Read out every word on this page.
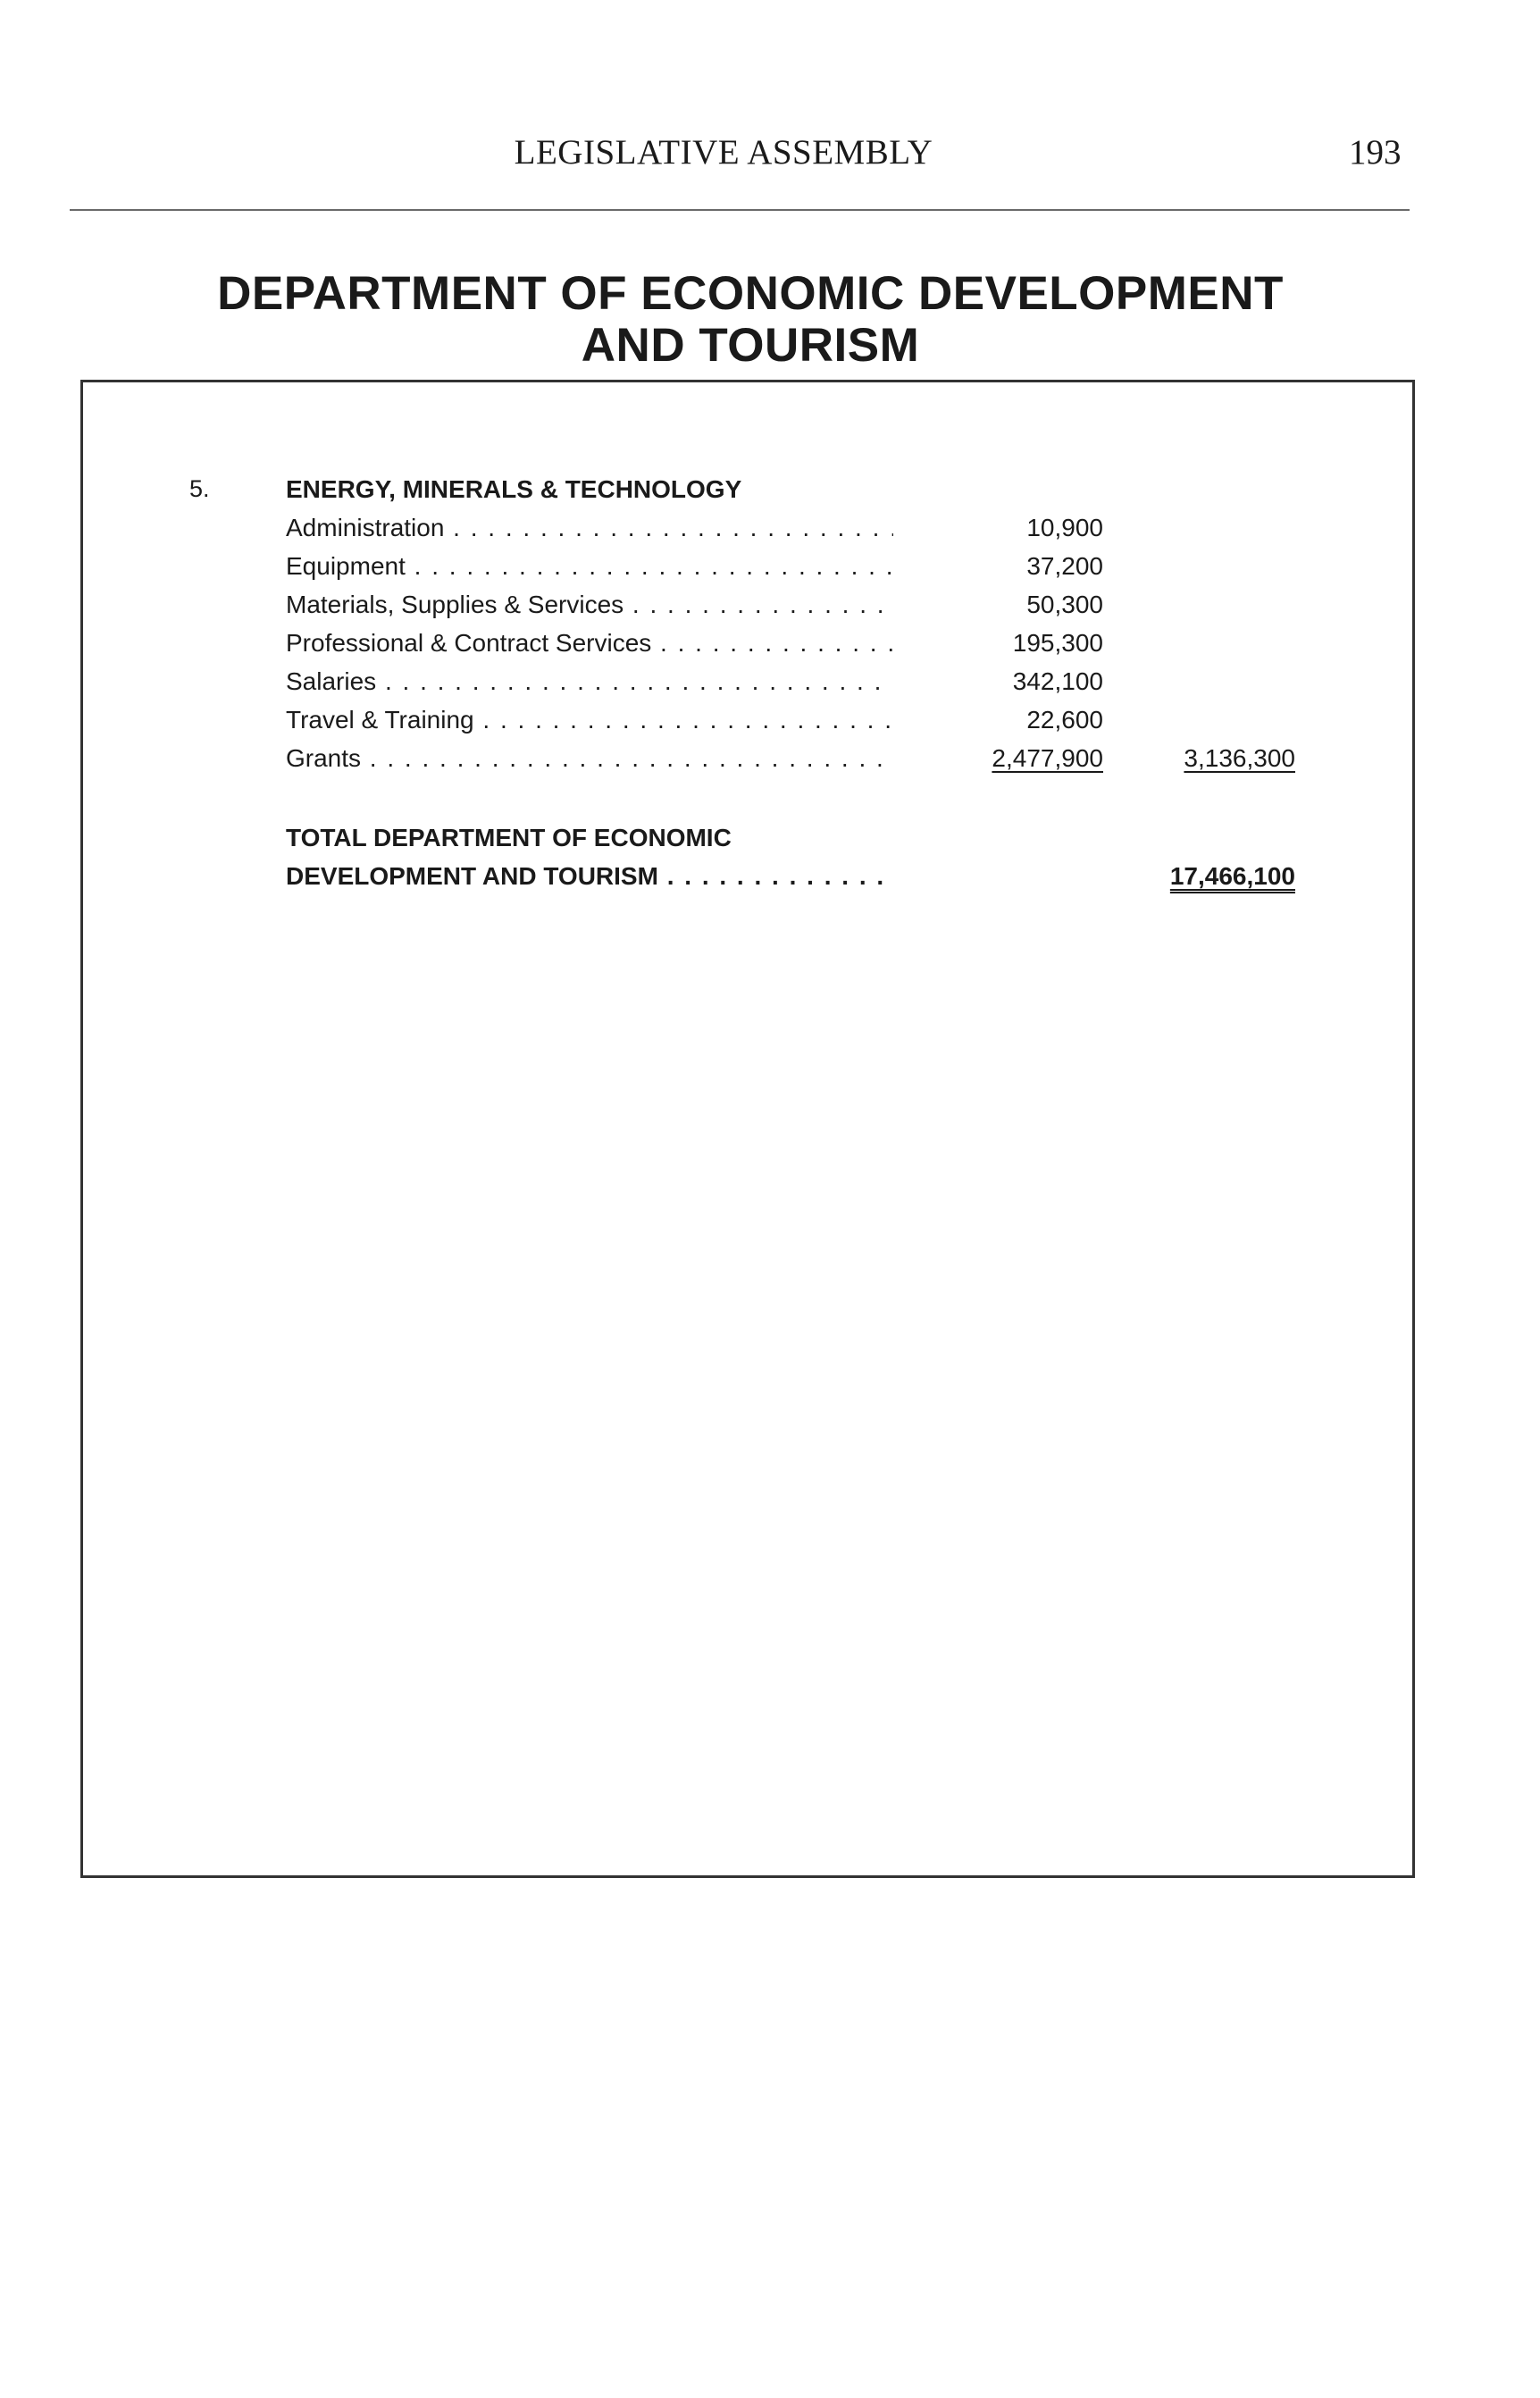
LEGISLATIVE ASSEMBLY	193
DEPARTMENT OF ECONOMIC DEVELOPMENT
AND TOURISM
5.	ENERGY, MINERALS & TECHNOLOGY
Administration . . .	10,900
Equipment . . .	37,200
Materials, Supplies & Services . . .	50,300
Professional & Contract Services . . .	195,300
Salaries . . .	342,100
Travel & Training . . .	22,600
Grants . . .	2,477,900	3,136,300
TOTAL DEPARTMENT OF ECONOMIC
DEVELOPMENT AND TOURISM . . .	17,466,100
